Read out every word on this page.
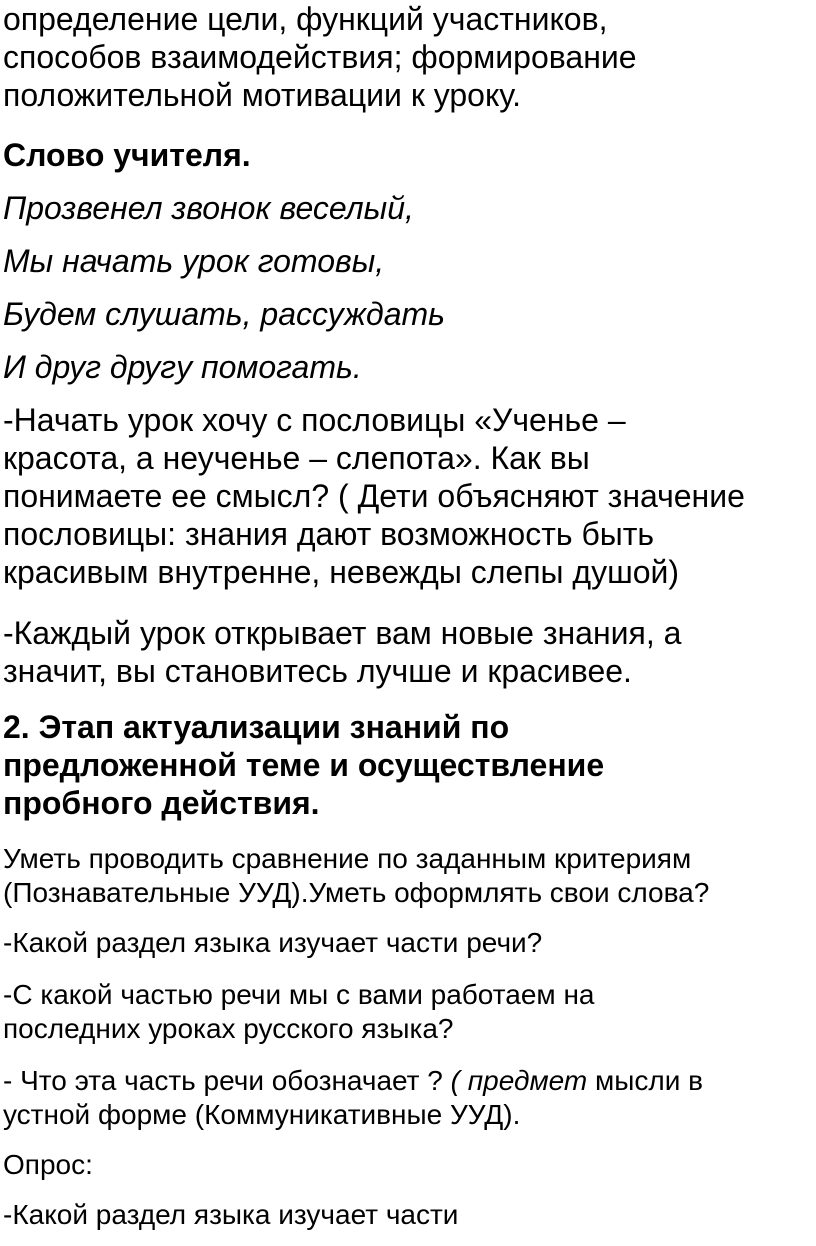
определение цели, функций участников,
способов взаимодействия; формирование
положительной мотивации к уроку.
Слово учителя.
Прозвенел звонок веселый,
Мы начать урок готовы,
Будем слушать, рассуждать
И друг другу помогать.
-Начать урок хочу с пословицы «Ученье –
красота, а неученье – слепота». Как вы
понимаете ее смысл? ( Дети объясняют значение
пословицы: знания дают возможность быть
красивым внутренне, невежды слепы душой)
-Каждый урок открывает вам новые знания, а
значит, вы становитесь лучше и красивее.
2. Этап актуализации знаний по
предложенной теме и осуществление
пробного действия.
Уметь проводить сравнение по заданным критериям
(Познавательные УУД).Уметь оформлять свои слова?
-Какой раздел языка изучает части речи?
-С какой частью речи мы с вами работаем на
последних уроках русского языка?
- Что эта часть речи обозначает ? ( предмет мысли в
устной форме (Коммуникативные УУД).
Опрос:
-Какой раздел языка изучает части
